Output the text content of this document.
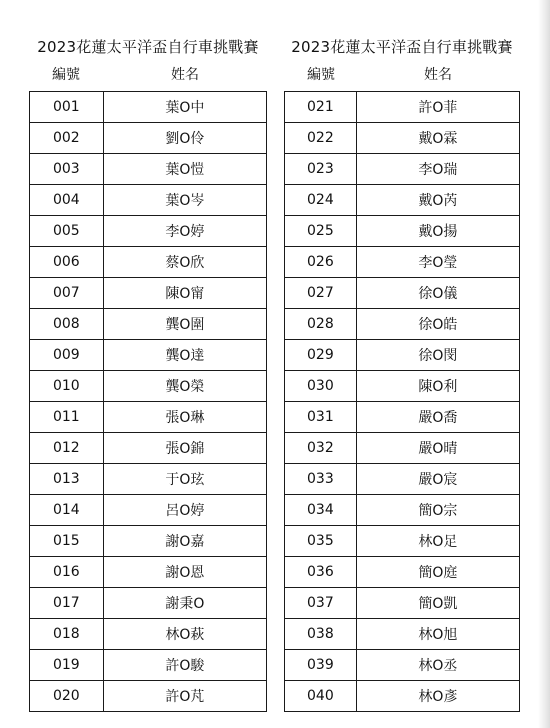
2023花蓮太平洋盃自行車挑戰賽
編號	姓名
001	葉O中
002	劉O伶
003	葉O愷
004	葉O岑
005	李O婷
006	蔡O欣
007	陳O甯
008	龔O圍
009	龔O達
010	龔O榮
011	張O琳
012	張O錦
013	于O玹
014	呂O婷
015	謝O嘉
016	謝O恩
017	謝秉O
018	林O萩
019	許O駿
020	許O芃
2023花蓮太平洋盃自行車挑戰賽
編號	姓名
021	許O菲
022	戴O霖
023	李O瑞
024	戴O芮
025	戴O揚
026	李O瑩
027	徐O儀
028	徐O皓
029	徐O閔
030	陳O利
031	嚴O喬
032	嚴O晴
033	嚴O宸
034	簡O宗
035	林O足
036	簡O庭
037	簡O凱
038	林O旭
039	林O丞
040	林O彥
